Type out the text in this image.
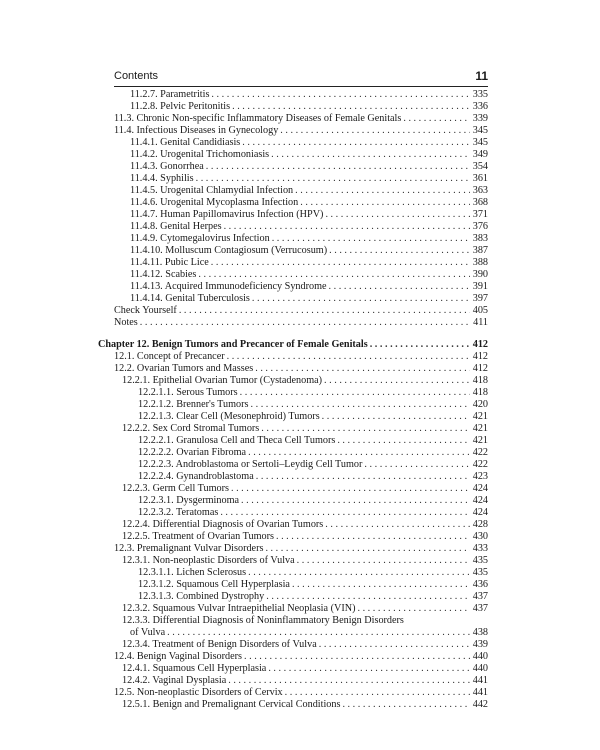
Contents	11
11.2.7. Parametritis . . .	335
11.2.8. Pelvic Peritonitis . . .	336
11.3. Chronic Non-specific Inflammatory Diseases of Female Genitals . . .	339
11.4. Infectious Diseases in Gynecology . . .	345
11.4.1. Genital Candidiasis . . .	345
11.4.2. Urogenital Trichomoniasis . . .	349
11.4.3. Gonorrhea . . .	354
11.4.4. Syphilis . . .	361
11.4.5. Urogenital Chlamydial Infection . . .	363
11.4.6. Urogenital Mycoplasma Infection . . .	368
11.4.7. Human Papillomavirus Infection (HPV) . . .	371
11.4.8. Genital Herpes . . .	376
11.4.9. Cytomegalovirus Infection . . .	383
11.4.10. Molluscum Contagiosum (Verrucosum) . . .	387
11.4.11. Pubic Lice . . .	388
11.4.12. Scabies . . .	390
11.4.13. Acquired Immunodeficiency Syndrome . . .	391
11.4.14. Genital Tuberculosis . . .	397
Check Yourself . . .	405
Notes . . .	411
Chapter 12. Benign Tumors and Precancer of Female Genitals . . .	412
12.1. Concept of Precancer . . .	412
12.2. Ovarian Tumors and Masses . . .	412
12.2.1. Epithelial Ovarian Tumor (Cystadenoma) . . .	418
12.2.1.1. Serous Tumors . . .	418
12.2.1.2. Brenner's Tumors . . .	420
12.2.1.3. Clear Cell (Mesonephroid) Tumors . . .	421
12.2.2. Sex Cord Stromal Tumors . . .	421
12.2.2.1. Granulosa Cell and Theca Cell Tumors . . .	421
12.2.2.2. Ovarian Fibroma . . .	422
12.2.2.3. Androblastoma or Sertoli–Leydig Cell Tumor . . .	422
12.2.2.4. Gynandroblastoma . . .	423
12.2.3. Germ Cell Tumors . . .	424
12.2.3.1. Dysgerminoma . . .	424
12.2.3.2. Teratomas . . .	424
12.2.4. Differential Diagnosis of Ovarian Tumors . . .	428
12.2.5. Treatment of Ovarian Tumors . . .	430
12.3. Premalignant Vulvar Disorders . . .	433
12.3.1. Non-neoplastic Disorders of Vulva . . .	435
12.3.1.1. Lichen Sclerosus . . .	435
12.3.1.2. Squamous Cell Hyperplasia . . .	436
12.3.1.3. Combined Dystrophy . . .	437
12.3.2. Squamous Vulvar Intraepithelial Neoplasia (VIN) . . .	437
12.3.3. Differential Diagnosis of Noninflammatory Benign Disorders
of Vulva . . .	438
12.3.4. Treatment of Benign Disorders of Vulva . . .	439
12.4. Benign Vaginal Disorders . . .	440
12.4.1. Squamous Cell Hyperplasia . . .	440
12.4.2. Vaginal Dysplasia . . .	441
12.5. Non-neoplastic Disorders of Cervix . . .	441
12.5.1. Benign and Premalignant Cervical Conditions . . .	442
